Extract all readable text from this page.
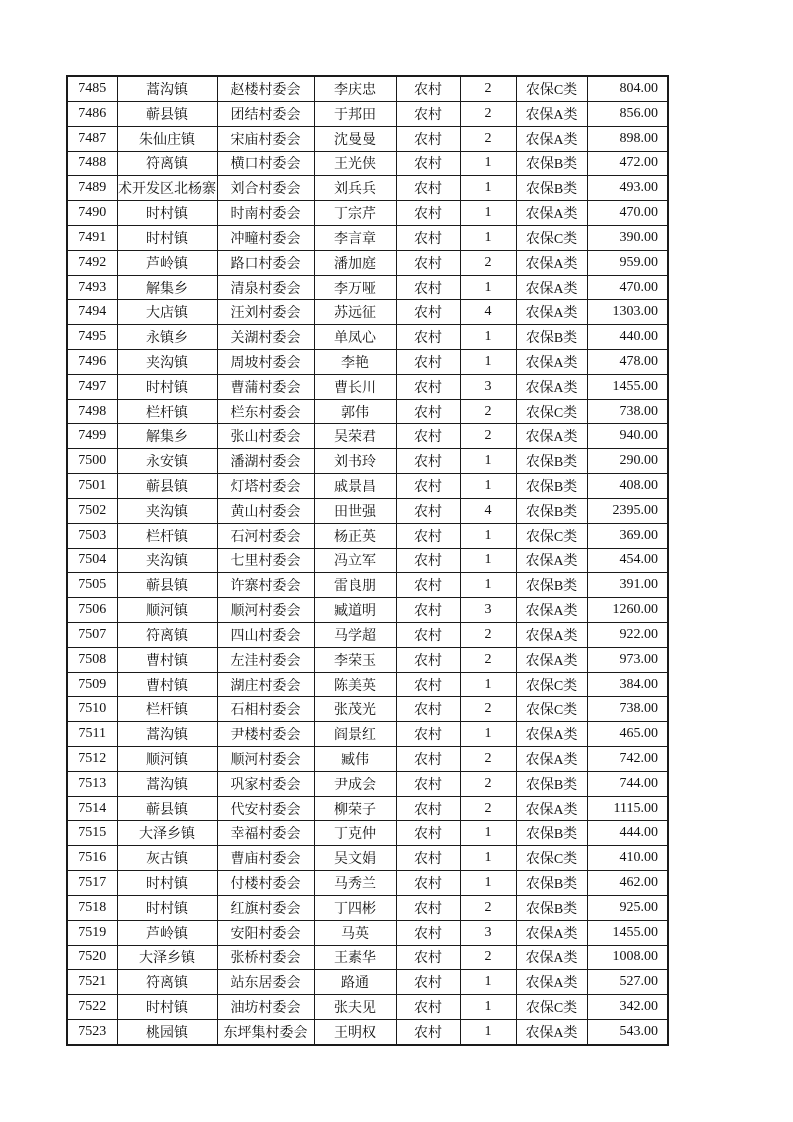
7485	蒿沟镇	赵楼村委会	李庆忠	农村	2	农保C类	804.00
7486	蕲县镇	团结村委会	于邦田	农村	2	农保A类	856.00
7487	朱仙庄镇	宋庙村委会	沈曼曼	农村	2	农保A类	898.00
7488	符离镇	横口村委会	王光侠	农村	1	农保B类	472.00
7489	术开发区北杨寨	刘合村委会	刘兵兵	农村	1	农保B类	493.00
7490	时村镇	时南村委会	丁宗芹	农村	1	农保A类	470.00
7491	时村镇	冲疃村委会	李言章	农村	1	农保C类	390.00
7492	芦岭镇	路口村委会	潘加庭	农村	2	农保A类	959.00
7493	解集乡	清泉村委会	李万哑	农村	1	农保A类	470.00
7494	大店镇	汪刘村委会	苏远征	农村	4	农保A类	1303.00
7495	永镇乡	关湖村委会	单凤心	农村	1	农保B类	440.00
7496	夹沟镇	周坡村委会	李艳	农村	1	农保A类	478.00
7497	时村镇	曹蒲村委会	曹长川	农村	3	农保A类	1455.00
7498	栏杆镇	栏东村委会	郭伟	农村	2	农保C类	738.00
7499	解集乡	张山村委会	吴荣君	农村	2	农保A类	940.00
7500	永安镇	潘湖村委会	刘书玲	农村	1	农保B类	290.00
7501	蕲县镇	灯塔村委会	戚景昌	农村	1	农保B类	408.00
7502	夹沟镇	黄山村委会	田世强	农村	4	农保B类	2395.00
7503	栏杆镇	石河村委会	杨正英	农村	1	农保C类	369.00
7504	夹沟镇	七里村委会	冯立军	农村	1	农保A类	454.00
7505	蕲县镇	许寨村委会	雷良朋	农村	1	农保B类	391.00
7506	顺河镇	顺河村委会	臧道明	农村	3	农保A类	1260.00
7507	符离镇	四山村委会	马学超	农村	2	农保A类	922.00
7508	曹村镇	左洼村委会	李荣玉	农村	2	农保A类	973.00
7509	曹村镇	湖庄村委会	陈美英	农村	1	农保C类	384.00
7510	栏杆镇	石相村委会	张茂光	农村	2	农保C类	738.00
7511	蒿沟镇	尹楼村委会	阎景红	农村	1	农保A类	465.00
7512	顺河镇	顺河村委会	臧伟	农村	2	农保A类	742.00
7513	蒿沟镇	巩家村委会	尹成会	农村	2	农保B类	744.00
7514	蕲县镇	代安村委会	柳荣子	农村	2	农保A类	1115.00
7515	大泽乡镇	幸福村委会	丁克仲	农村	1	农保B类	444.00
7516	灰古镇	曹庙村委会	吴文娟	农村	1	农保C类	410.00
7517	时村镇	付楼村委会	马秀兰	农村	1	农保B类	462.00
7518	时村镇	红旗村委会	丁四彬	农村	2	农保B类	925.00
7519	芦岭镇	安阳村委会	马英	农村	3	农保A类	1455.00
7520	大泽乡镇	张桥村委会	王素华	农村	2	农保A类	1008.00
7521	符离镇	站东居委会	路通	农村	1	农保A类	527.00
7522	时村镇	油坊村委会	张夫见	农村	1	农保C类	342.00
7523	桃园镇	东坪集村委会	王明权	农村	1	农保A类	543.00
